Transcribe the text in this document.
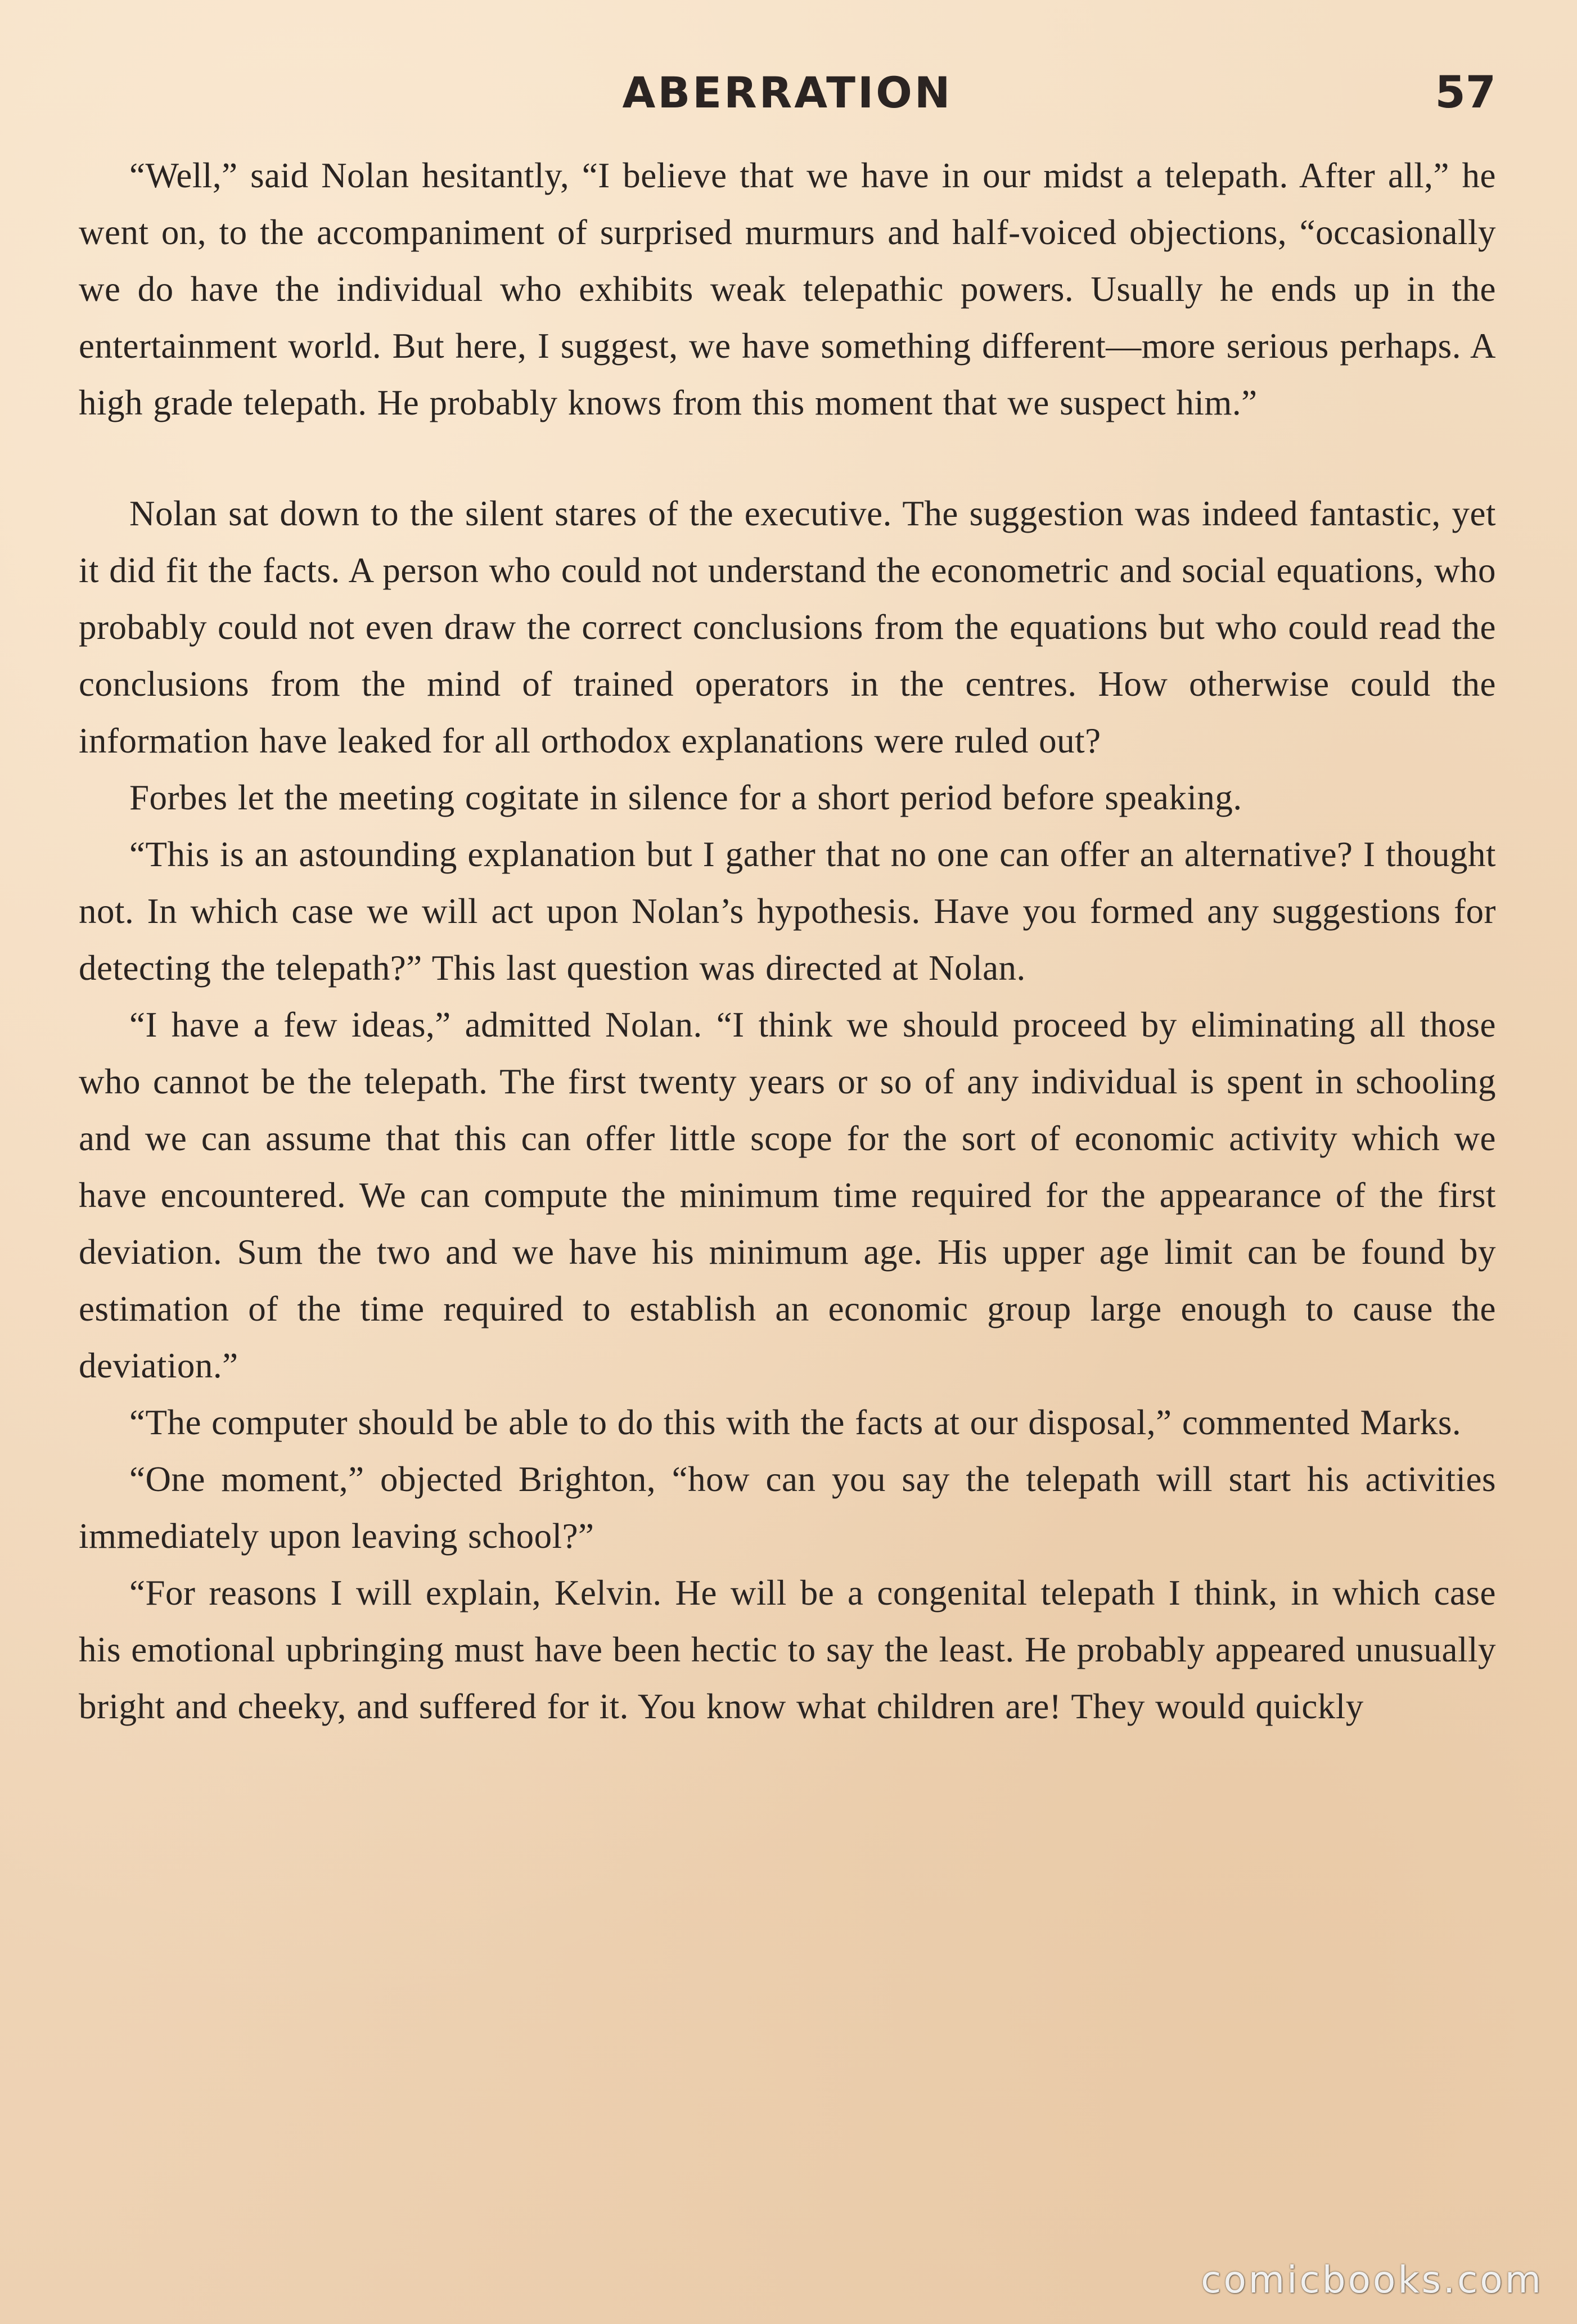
ABERRATION	57

“Well,” said Nolan hesitantly, “I believe that we have in our midst a telepath. After all,” he went on, to the accompaniment of surprised murmurs and half-voiced objections, “occasionally we do have the individual who exhibits weak telepathic powers. Usually he ends up in the entertainment world. But here, I suggest, we have something different—more serious perhaps. A high grade telepath. He probably knows from this moment that we suspect him.”

Nolan sat down to the silent stares of the executive. The suggestion was indeed fantastic, yet it did fit the facts. A person who could not understand the econometric and social equations, who probably could not even draw the correct conclusions from the equations but who could read the conclusions from the mind of trained operators in the centres. How otherwise could the information have leaked for all orthodox explanations were ruled out?

Forbes let the meeting cogitate in silence for a short period before speaking.

“This is an astounding explanation but I gather that no one can offer an alternative? I thought not. In which case we will act upon Nolan’s hypothesis. Have you formed any suggestions for detecting the telepath?” This last question was directed at Nolan.

“I have a few ideas,” admitted Nolan. “I think we should proceed by eliminating all those who cannot be the telepath. The first twenty years or so of any individual is spent in schooling and we can assume that this can offer little scope for the sort of economic activity which we have encountered. We can compute the minimum time required for the appearance of the first deviation. Sum the two and we have his minimum age. His upper age limit can be found by estimation of the time required to establish an economic group large enough to cause the deviation.”

“The computer should be able to do this with the facts at our disposal,” commented Marks.

“One moment,” objected Brighton, “how can you say the telepath will start his activities immediately upon leaving school?”

“For reasons I will explain, Kelvin. He will be a congenital telepath I think, in which case his emotional upbringing must have been hectic to say the least. He probably appeared unusually bright and cheeky, and suffered for it. You know what children are! They would quickly

comicbooks.com
